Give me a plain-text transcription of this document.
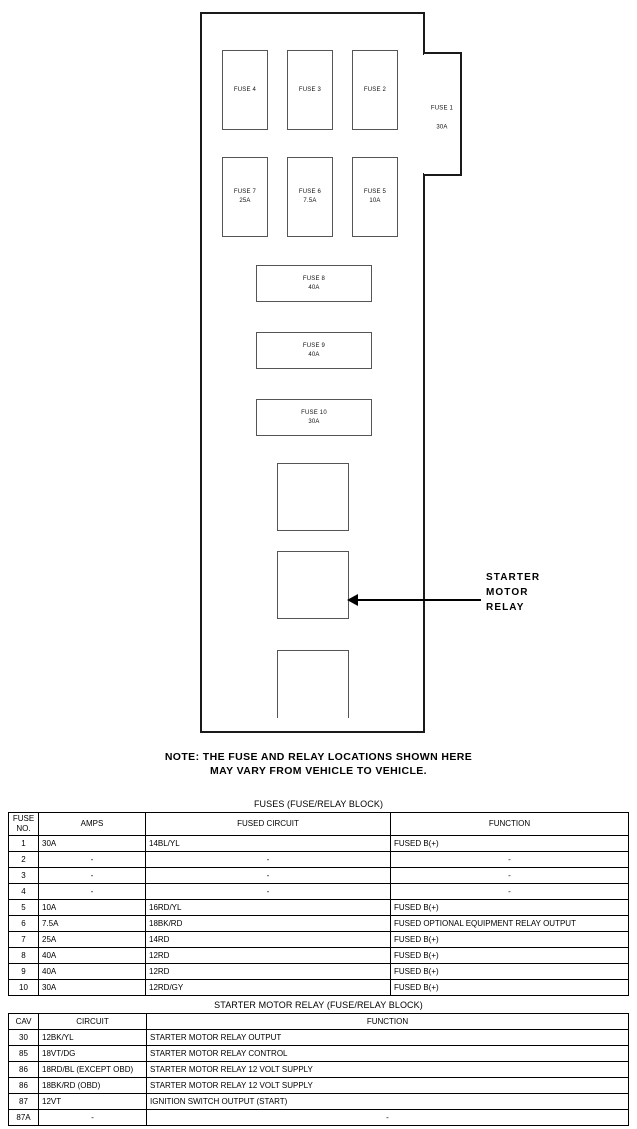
FUSE 4	FUSE 3	FUSE 2
FUSE 7
25A
FUSE 6
7.5A
FUSE 5
10A
FUSE 1
30A
FUSE 8
40A
FUSE 9
40A
FUSE 10
30A
STARTER
MOTOR
RELAY
NOTE: THE FUSE AND RELAY LOCATIONS SHOWN HERE
MAY VARY FROM VEHICLE TO VEHICLE.
FUSES (FUSE/RELAY BLOCK)
FUSE
NO.	AMPS	FUSED CIRCUIT	FUNCTION
1	30A	14BL/YL	FUSED B(+)
2	-	-	-
3	-	-	-
4	-	-	-
5	10A	16RD/YL	FUSED B(+)
6	7.5A	18BK/RD	FUSED OPTIONAL EQUIPMENT RELAY OUTPUT
7	25A	14RD	FUSED B(+)
8	40A	12RD	FUSED B(+)
9	40A	12RD	FUSED B(+)
10	30A	12RD/GY	FUSED B(+)
STARTER MOTOR RELAY (FUSE/RELAY BLOCK)
CAV	CIRCUIT	FUNCTION
30	12BK/YL	STARTER MOTOR RELAY OUTPUT
85	18VT/DG	STARTER MOTOR RELAY CONTROL
86	18RD/BL (EXCEPT OBD)	STARTER MOTOR RELAY 12 VOLT SUPPLY
86	18BK/RD (OBD)	STARTER MOTOR RELAY 12 VOLT SUPPLY
87	12VT	IGNITION SWITCH OUTPUT (START)
87A	-	-
